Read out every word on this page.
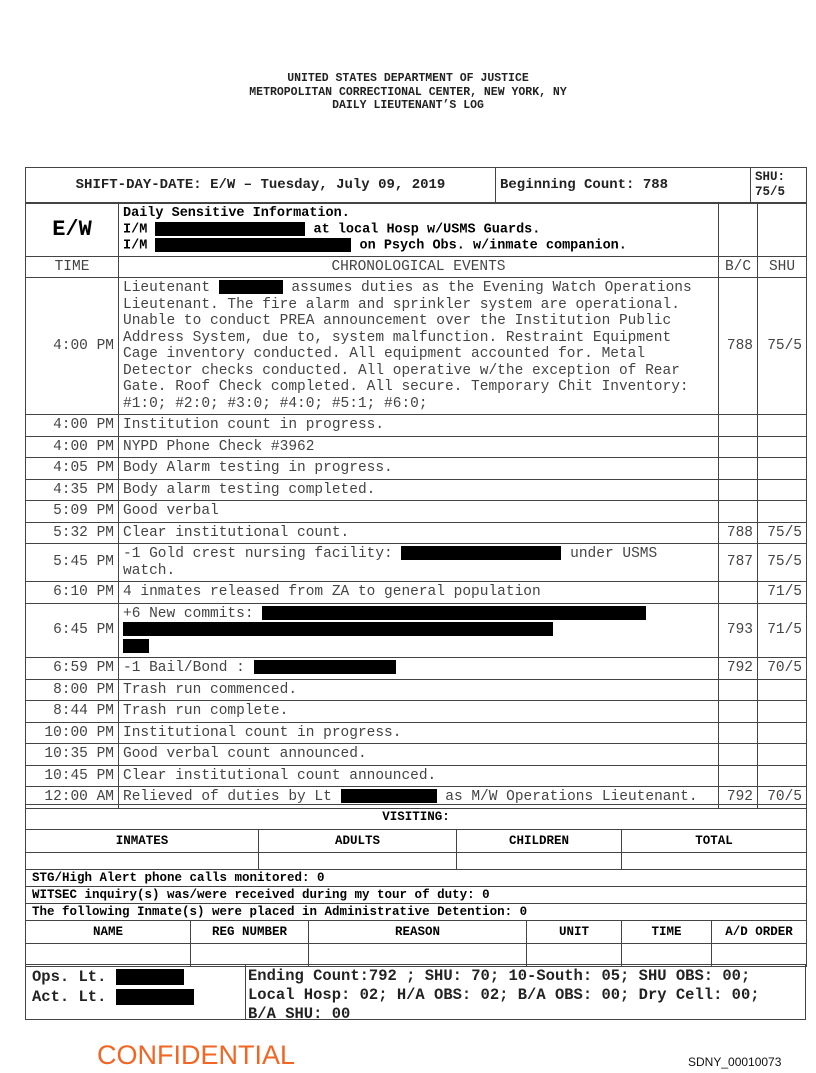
UNITED STATES DEPARTMENT OF JUSTICE
METROPOLITAN CORRECTIONAL CENTER, NEW YORK, NY
DAILY LIEUTENANT’S LOG
SHIFT-DAY-DATE: E/W – Tuesday, July 09, 2019	Beginning Count: 788	SHU: 75/5
E/W	Daily Sensitive Information.
I/M at local Hosp w/USMS Guards.
I/M on Psych Obs. w/inmate companion.		

TIME	CHRONOLOGICAL EVENTS	B/C	SHU
4:00 PM	Lieutenant assumes duties as the Evening Watch Operations Lieutenant. The fire alarm and sprinkler system are operational. Unable to conduct PREA announcement over the Institution Public Address System, due to, system malfunction. Restraint Equipment Cage inventory conducted. All equipment accounted for. Metal Detector checks conducted. All operative w/the exception of Rear Gate. Roof Check completed. All secure. Temporary Chit Inventory: #1:0; #2:0; #3:0; #4:0; #5:1; #6:0;	788	75/5
4:00 PM	Institution count in progress.		
4:00 PM	NYPD Phone Check #3962		
4:05 PM	Body Alarm testing in progress.		
4:35 PM	Body alarm testing completed.		
5:09 PM	Good verbal		
5:32 PM	Clear institutional count.	788	75/5
5:45 PM	-1 Gold crest nursing facility: under USMS watch.	787	75/5
6:10 PM	4 inmates released from ZA to general population		71/5
6:45 PM	+6 New commits:	793	71/5
6:59 PM	-1 Bail/Bond :	792	70/5
8:00 PM	Trash run commenced.		
8:44 PM	Trash run complete.		
10:00 PM	Institutional count in progress.		
10:35 PM	Good verbal count announced.		
10:45 PM	Clear institutional count announced.		
12:00 AM	Relieved of duties by Lt as M/W Operations Lieutenant.	792	70/5
VISITING:							
INMATES		ADULTS		CHILDREN		TOTAL	

STG/High Alert phone calls monitored: 0							
WITSEC inquiry(s) was/were received during my tour of duty: 0							
The following Inmate(s) were placed in Administrative Detention: 0							
NAME	REG NUMBER		REASON		UNIT	TIME	A/D ORDER

Ops. Lt.
Act. Lt.
Ending Count:792 ; SHU: 70; 10-South: 05; SHU OBS: 00;
Local Hosp: 02; H/A OBS: 02; B/A OBS: 00; Dry Cell: 00;
B/A SHU: 00
CONFIDENTIAL	SDNY_00010073
